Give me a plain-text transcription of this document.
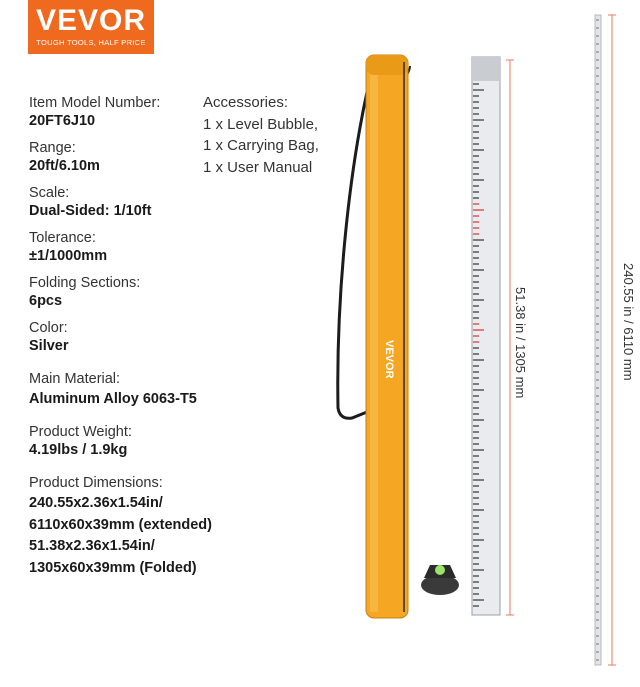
VEVOR
TOUGH TOOLS, HALF PRICE
Item Model Number:
20FT6J10
Range:
20ft/6.10m
Scale:
Dual-Sided: 1/10ft
Tolerance:
±1/1000mm
Folding Sections:
6pcs
Color:
Silver
Main Material:
Aluminum Alloy 6063-T5
Product Weight:
4.19lbs / 1.9kg
Product Dimensions:
240.55x2.36x1.54in/
6110x60x39mm (extended)
51.38x2.36x1.54in/
1305x60x39mm (Folded)
Accessories:
1 x Level Bubble,
1 x Carrying Bag,
1 x User Manual
VEVOR	51.38 in / 1305 mm	240.55 in / 6110 mm
